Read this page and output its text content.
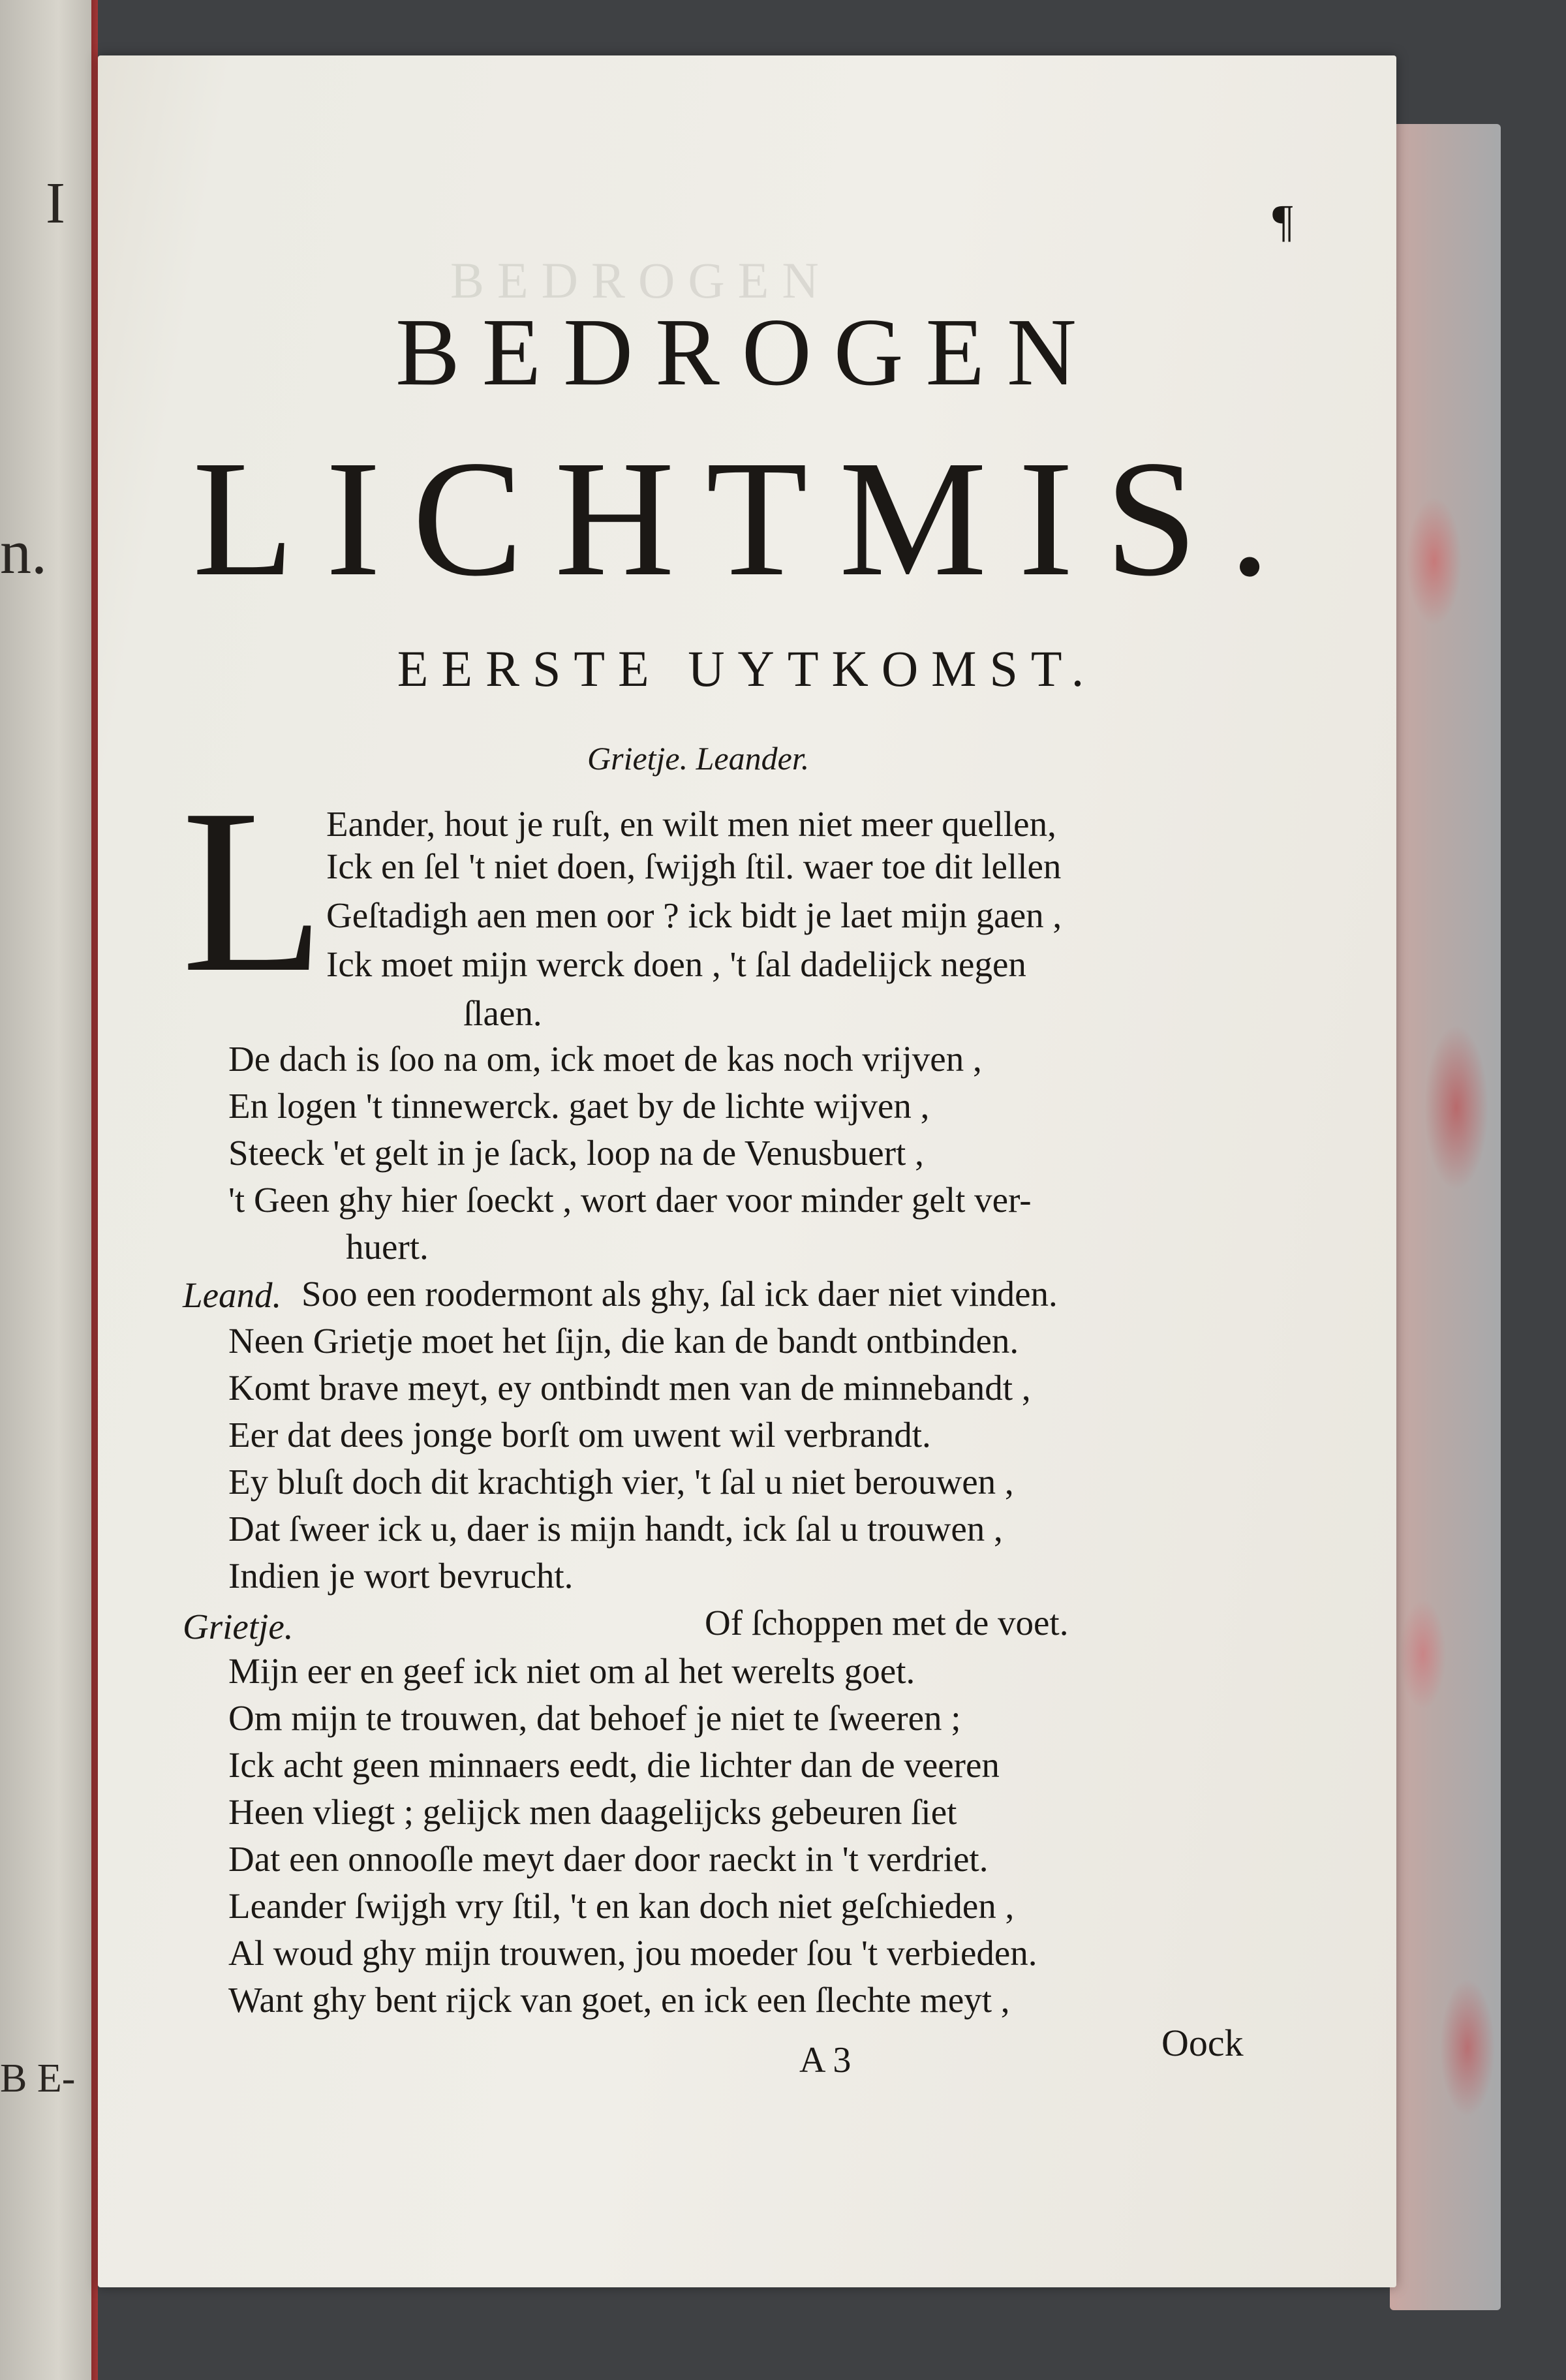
I
n.
B E-
BEDROGEN
¶
BEDROGEN
LICHTMIS.
EERSTE UYTKOMST.
Grietje. Leander.
L Eander, hout je ruſt, en wilt men niet meer quellen,
Ick en ſel 't niet doen, ſwijgh ſtil. waer toe dit lellen
Geſtadigh aen men oor ? ick bidt je laet mijn gaen ,
Ick moet mijn werck doen , 't ſal dadelijck negen
ſlaen.
De dach is ſoo na om, ick moet de kas noch vrijven ,
En logen 't tinnewerck. gaet by de lichte wijven ,
Steeck 'et gelt in je ſack, loop na de Venusbuert ,
't Geen ghy hier ſoeckt , wort daer voor minder gelt ver-
huert.
Leand. Soo een roodermont als ghy, ſal ick daer niet vinden.
Neen Grietje moet het ſijn, die kan de bandt ontbinden.
Komt brave meyt, ey ontbindt men van de minnebandt ,
Eer dat dees jonge borſt om uwent wil verbrandt.
Ey bluſt doch dit krachtigh vier, 't ſal u niet berouwen ,
Dat ſweer ick u, daer is mijn handt, ick ſal u trouwen ,
Indien je wort bevrucht.
Grietje.	Of ſchoppen met de voet.
Mijn eer en geef ick niet om al het werelts goet.
Om mijn te trouwen, dat behoef je niet te ſweeren ;
Ick acht geen minnaers eedt, die lichter dan de veeren
Heen vliegt ; gelijck men daagelijcks gebeuren ſiet
Dat een onnooſle meyt daer door raeckt in 't verdriet.
Leander ſwijgh vry ſtil, 't en kan doch niet geſchieden ,
Al woud ghy mijn trouwen, jou moeder ſou 't verbieden.
Want ghy bent rijck van goet, en ick een ſlechte meyt ,
A 3	Oock
